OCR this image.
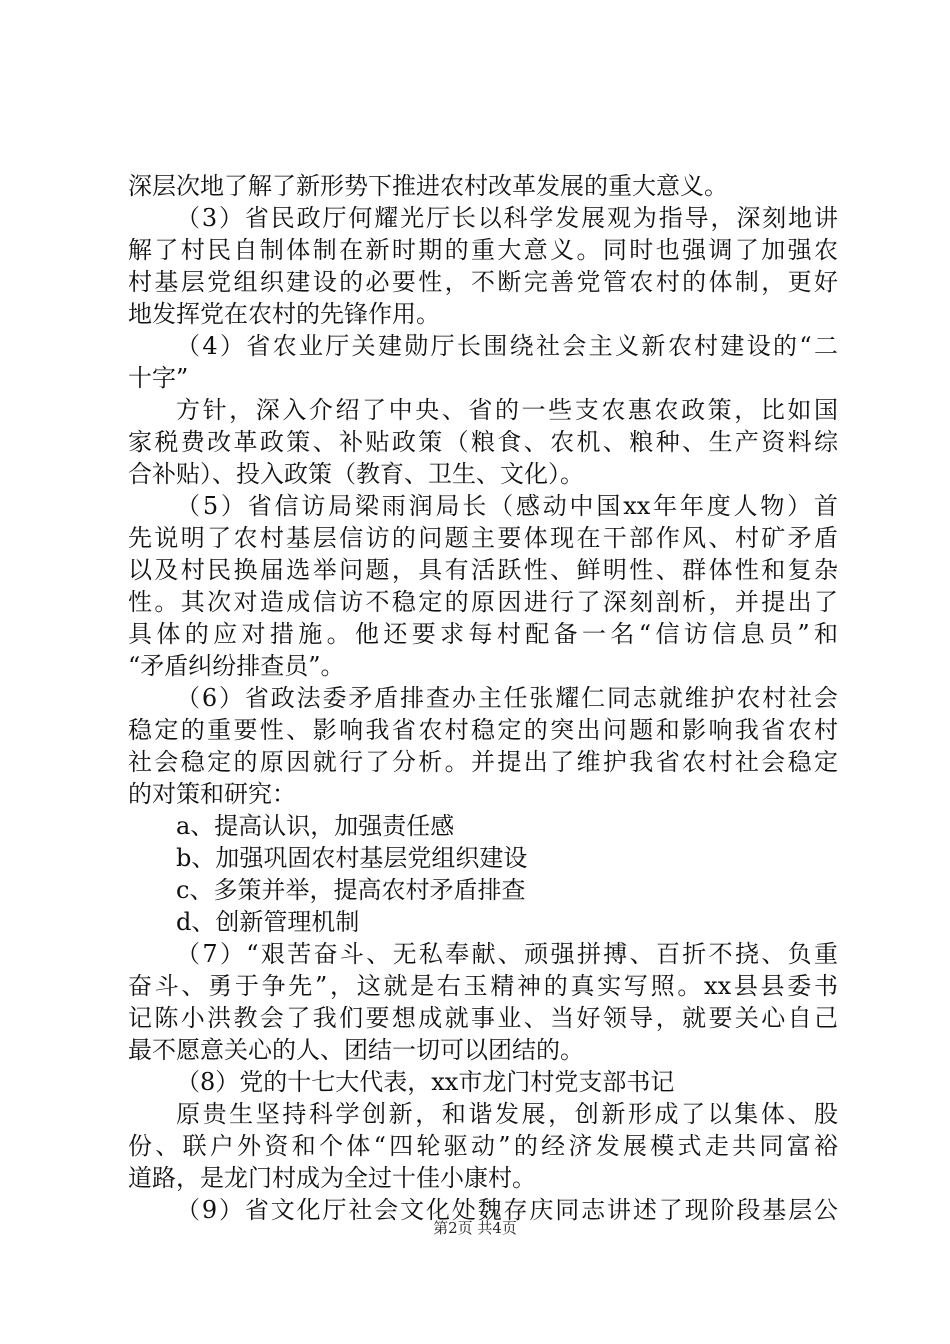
深层次地了解了新形势下推进农村改革发展的重大意义。
（3）省民政厅何耀光厅长以科学发展观为指导，深刻地讲
解了村民自制体制在新时期的重大意义。同时也强调了加强农
村基层党组织建设的必要性，不断完善党管农村的体制，更好
地发挥党在农村的先锋作用。
（4）省农业厅关建勋厅长围绕社会主义新农村建设的“二
十字”
方针，深入介绍了中央、省的一些支农惠农政策，比如国
家税费改革政策、补贴政策（粮食、农机、粮种、生产资料综
合补贴）、投入政策（教育、卫生、文化）。
（5）省信访局梁雨润局长（感动中国xx年年度人物）首
先说明了农村基层信访的问题主要体现在干部作风、村矿矛盾
以及村民换届选举问题，具有活跃性、鲜明性、群体性和复杂
性。其次对造成信访不稳定的原因进行了深刻剖析，并提出了
具体的应对措施。他还要求每村配备一名“信访信息员”和
“矛盾纠纷排查员”。
（6）省政法委矛盾排查办主任张耀仁同志就维护农村社会
稳定的重要性、影响我省农村稳定的突出问题和影响我省农村
社会稳定的原因就行了分析。并提出了维护我省农村社会稳定
的对策和研究：
a、提高认识，加强责任感
b、加强巩固农村基层党组织建设
c、多策并举，提高农村矛盾排查
d、创新管理机制
（7）“艰苦奋斗、无私奉献、顽强拼搏、百折不挠、负重
奋斗、勇于争先”，这就是右玉精神的真实写照。xx县县委书
记陈小洪教会了我们要想成就事业、当好领导，就要关心自己
最不愿意关心的人、团结一切可以团结的。
（8）党的十七大代表，xx市龙门村党支部书记
原贵生坚持科学创新，和谐发展，创新形成了以集体、股
份、联户外资和个体“四轮驱动”的经济发展模式走共同富裕
道路，是龙门村成为全过十佳小康村。
（9）省文化厅社会文化处魏存庆同志讲述了现阶段基层公
第2页 共4页
